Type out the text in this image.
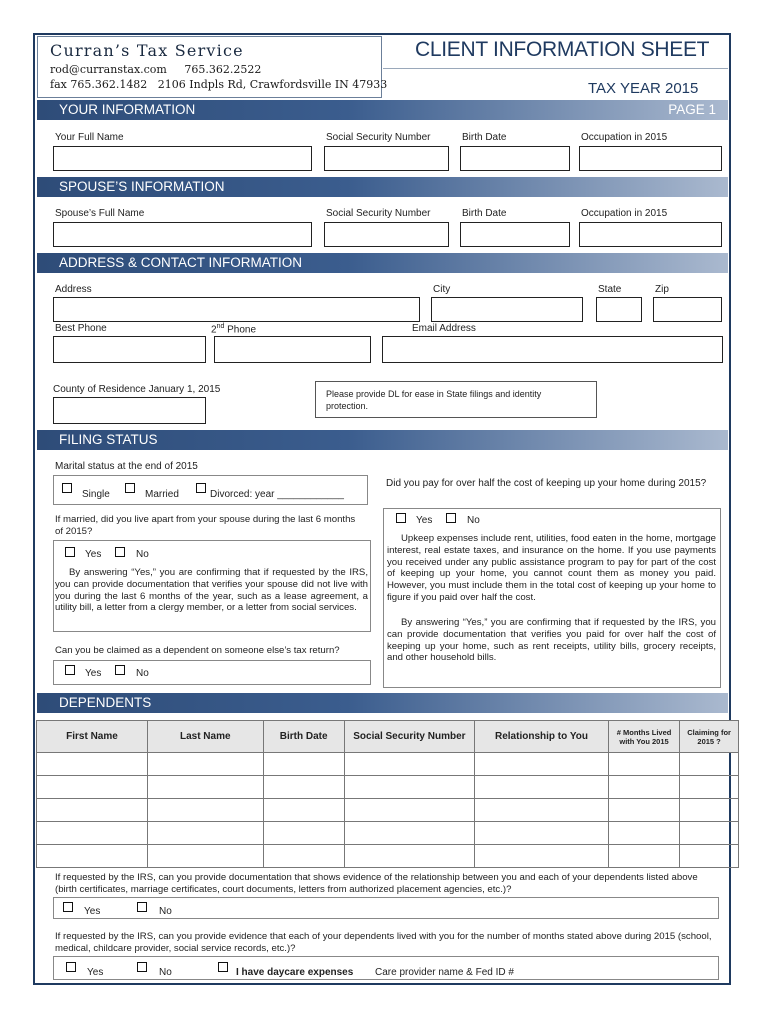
Curran’s Tax Service
rod@curranstax.com     765.362.2522
fax 765.362.1482   2106 Indpls Rd, Crawfordsville IN 47933
CLIENT INFORMATION SHEET
TAX YEAR 2015
YOUR INFORMATION	PAGE 1
Your Full Name	Social Security Number	Birth Date	Occupation in 2015
SPOUSE’S INFORMATION
Spouse’s Full Name	Social Security Number	Birth Date	Occupation in 2015
ADDRESS & CONTACT INFORMATION
Address	City	State	Zip
Best Phone	2nd Phone	Email Address
County of Residence January 1, 2015	Please provide DL for ease in State filings and identity protection.
FILING STATUS
Marital status at the end of 2015
Single	Married	Divorced: year ____________
If married, did you live apart from your spouse during the last 6 months of 2015?
Yes	No
By answering “Yes,” you are confirming that if requested by the IRS, you can provide documentation that verifies your spouse did not live with you during the last 6 months of the year, such as a lease agreement, a utility bill, a letter from a clergy member, or a letter from social services.
Can you be claimed as a dependent on someone else’s tax return?
Yes	No
Did you pay for over half the cost of keeping up your home during 2015?
Yes	No
Upkeep expenses include rent, utilities, food eaten in the home, mortgage interest, real estate taxes, and insurance on the home. If you use payments you received under any public assistance program to pay for part of the cost of keeping up your home, you cannot count them as money you paid. However, you must include them in the total cost of keeping up your home to figure if you paid over half the cost.
By answering “Yes,” you are confirming that if requested by the IRS, you can provide documentation that verifies you paid for over half the cost of keeping up your home, such as rent receipts, utility bills, grocery receipts, and other household bills.
DEPENDENTS
First Name	Last Name	Birth Date	Social Security Number	Relationship to You	# Months Lived with You 2015	Claiming for 2015 ?

If requested by the IRS, can you provide documentation that shows evidence of the relationship between you and each of your dependents listed above (birth certificates, marriage certificates, court documents, letters from authorized placement agencies, etc.)?
Yes	No
If requested by the IRS, can you provide evidence that each of your dependents lived with you for the number of months stated above during 2015 (school, medical, childcare provider, social service records, etc.)?
Yes	No	I have daycare expenses Care provider name & Fed ID #
